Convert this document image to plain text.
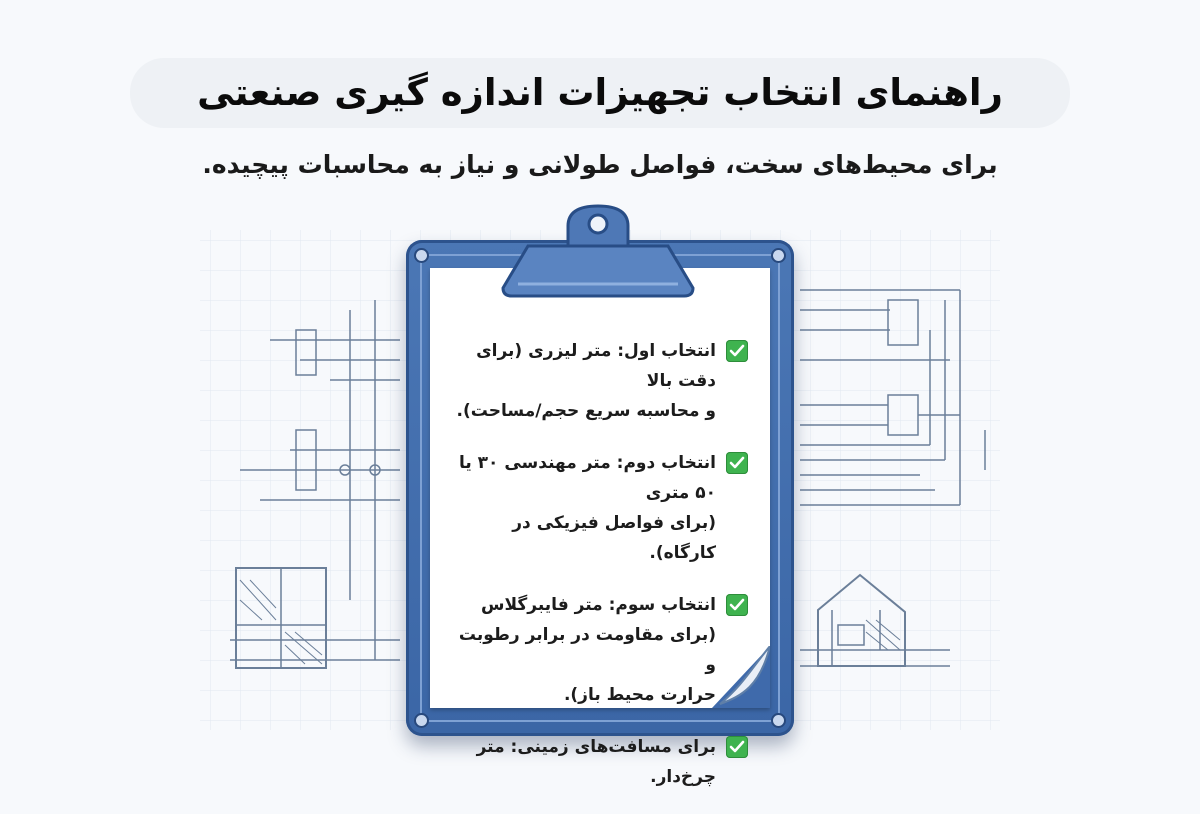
راهنمای انتخاب تجهیزات اندازه گیری صنعتی
برای محیط‌های سخت، فواصل طولانی و نیاز به محاسبات پیچیده.
انتخاب اول: متر لیزری (برای دقت بالا
و محاسبه سریع حجم/مساحت).
انتخاب دوم: متر مهندسی ۳۰ یا ۵۰ متری
(برای فواصل فیزیکی در کارگاه).
انتخاب سوم: متر فایبرگلاس
(برای مقاومت در برابر رطوبت و
حرارت محیط باز).
برای مسافت‌های زمینی: متر چرخ‌دار.
